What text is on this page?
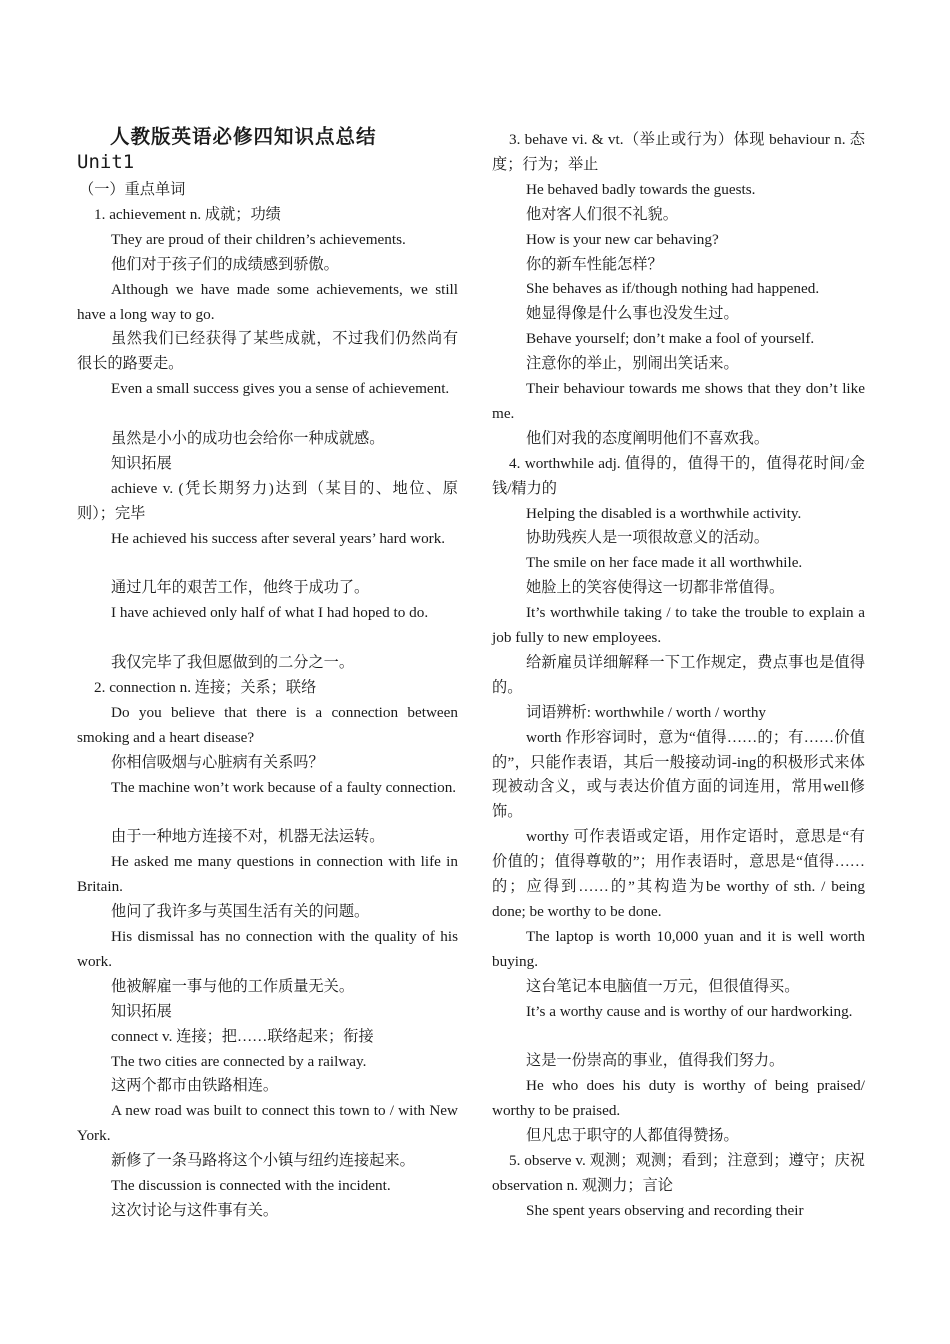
人教版英语必修四知识点总结
Unit1

（一）重点单词

1. achievement n. 成就；功绩

They are proud of their children’s achievements.

他们对于孩子们的成绩感到骄傲。

Although we have made some achievements, we still have a long way to go.

虽然我们已经获得了某些成就，不过我们仍然尚有很长的路要走。

Even a small success gives you a sense of achievement.

虽然是小小的成功也会给你一种成就感。

知识拓展

achieve v. (凭长期努力)达到（某目的、地位、原则）；完毕

He achieved his success after several years’ hard work.

通过几年的艰苦工作，他终于成功了。

I have achieved only half of what I had hoped to do.

我仅完毕了我但愿做到的二分之一。

2. connection n. 连接；关系；联络

Do you believe that there is a connection between smoking and a heart disease?

你相信吸烟与心脏病有关系吗？

The machine won’t work because of a faulty connection.

由于一种地方连接不对，机器无法运转。

He asked me many questions in connection with life in Britain.

他问了我许多与英国生活有关的问题。

His dismissal has no connection with the quality of his work.

他被解雇一事与他的工作质量无关。

知识拓展

connect v. 连接；把……联络起来；衔接

The two cities are connected by a railway.

这两个都市由铁路相连。

A new road was built to connect this town to / with New York.

新修了一条马路将这个小镇与纽约连接起来。

The discussion is connected with the incident.

这次讨论与这件事有关。

3. behave vi. & vt.（举止或行为）体现 behaviour n. 态度；行为；举止

He behaved badly towards the guests.

他对客人们很不礼貌。

How is your new car behaving?

你的新车性能怎样？

She behaves as if/though nothing had happened.

她显得像是什么事也没发生过。

Behave yourself; don’t make a fool of yourself.

注意你的举止，别闹出笑话来。

Their behaviour towards me shows that they don’t like me.

他们对我的态度阐明他们不喜欢我。

4. worthwhile adj. 值得的，值得干的，值得花时间/金钱/精力的

Helping the disabled is a worthwhile activity.

协助残疾人是一项很故意义的活动。

The smile on her face made it all worthwhile.

她脸上的笑容使得这一切都非常值得。

It’s worthwhile taking / to take the trouble to explain a job fully to new employees.

给新雇员详细解释一下工作规定，费点事也是值得的。

词语辨析: worthwhile / worth / worthy

worth 作形容词时，意为“值得……的；有……价值的”，只能作表语，其后一般接动词-ing的积极形式来体现被动含义，或与表达价值方面的词连用，常用well修饰。

worthy 可作表语或定语，用作定语时，意思是“有价值的；值得尊敬的”；用作表语时，意思是“值得……的；应得到……的”其构造为be worthy of sth. / being done; be worthy to be done.

The laptop is worth 10,000 yuan and it is well worth buying.

这台笔记本电脑值一万元，但很值得买。

It’s a worthy cause and is worthy of our hardworking.

这是一份崇高的事业，值得我们努力。

He who does his duty is worthy of being praised/ worthy to be praised.

但凡忠于职守的人都值得赞扬。

5. observe v. 观测；观测；看到；注意到；遵守；庆祝 observation n. 观测力；言论

She spent years observing and recording their
